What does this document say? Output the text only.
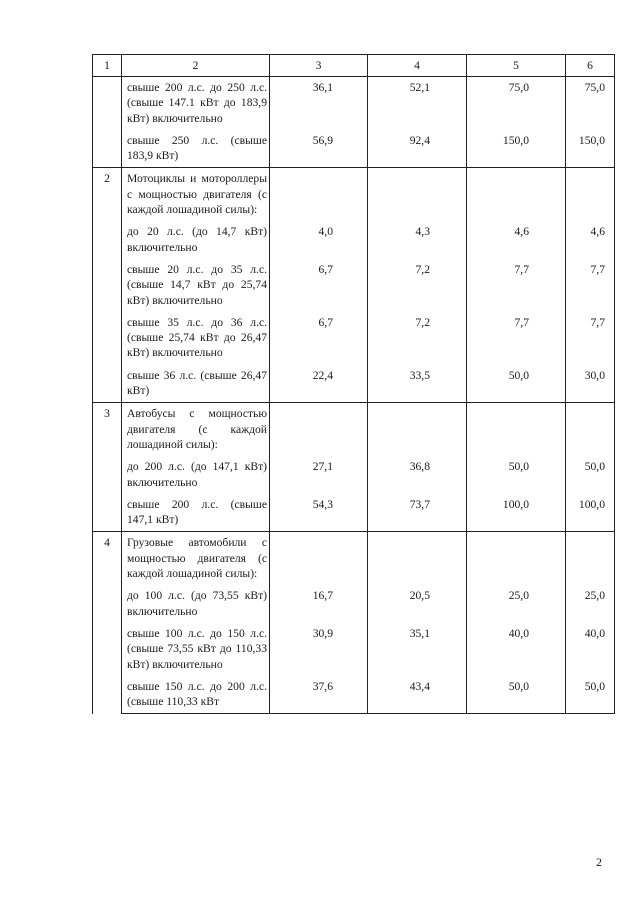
1	2	3	4	5	6
	свыше 200 л.с. до 250 л.с. (свыше 147.1 кВт до 183,9 кВт) включительно	36,1	52,1	75,0	75,0
	свыше 250 л.с. (свыше 183,9 кВт)	56,9	92,4	150,0	150,0
2	Мотоциклы и мотороллеры с мощностью двигателя (с каждой лошадиной силы):				
	до 20 л.с. (до 14,7 кВт) включительно	4,0	4,3	4,6	4,6
	свыше 20 л.с. до 35 л.с. (свыше 14,7 кВт до 25,74 кВт) включительно	6,7	7,2	7,7	7,7
	свыше 35 л.с. до 36 л.с. (свыше 25,74 кВт до 26,47 кВт) включительно	6,7	7,2	7,7	7,7
	свыше 36 л.с. (свыше 26,47 кВт)	22,4	33,5	50,0	30,0
3	Автобусы с мощностью двигателя (с каждой лошадиной силы):				
	до 200 л.с. (до 147,1 кВт) включительно	27,1	36,8	50,0	50,0
	свыше 200 л.с. (свыше 147,1 кВт)	54,3	73,7	100,0	100,0
4	Грузовые автомобили с мощностью двигателя (с каждой лошадиной силы):				
	до 100 л.с. (до 73,55 кВт) включительно	16,7	20,5	25,0	25,0
	свыше 100 л.с. до 150 л.с. (свыше 73,55 кВт до 110,33 кВт) включительно	30,9	35,1	40,0	40,0
	свыше 150 л.с. до 200 л.с. (свыше 110,33 кВт	37,6	43,4	50,0	50,0
2
